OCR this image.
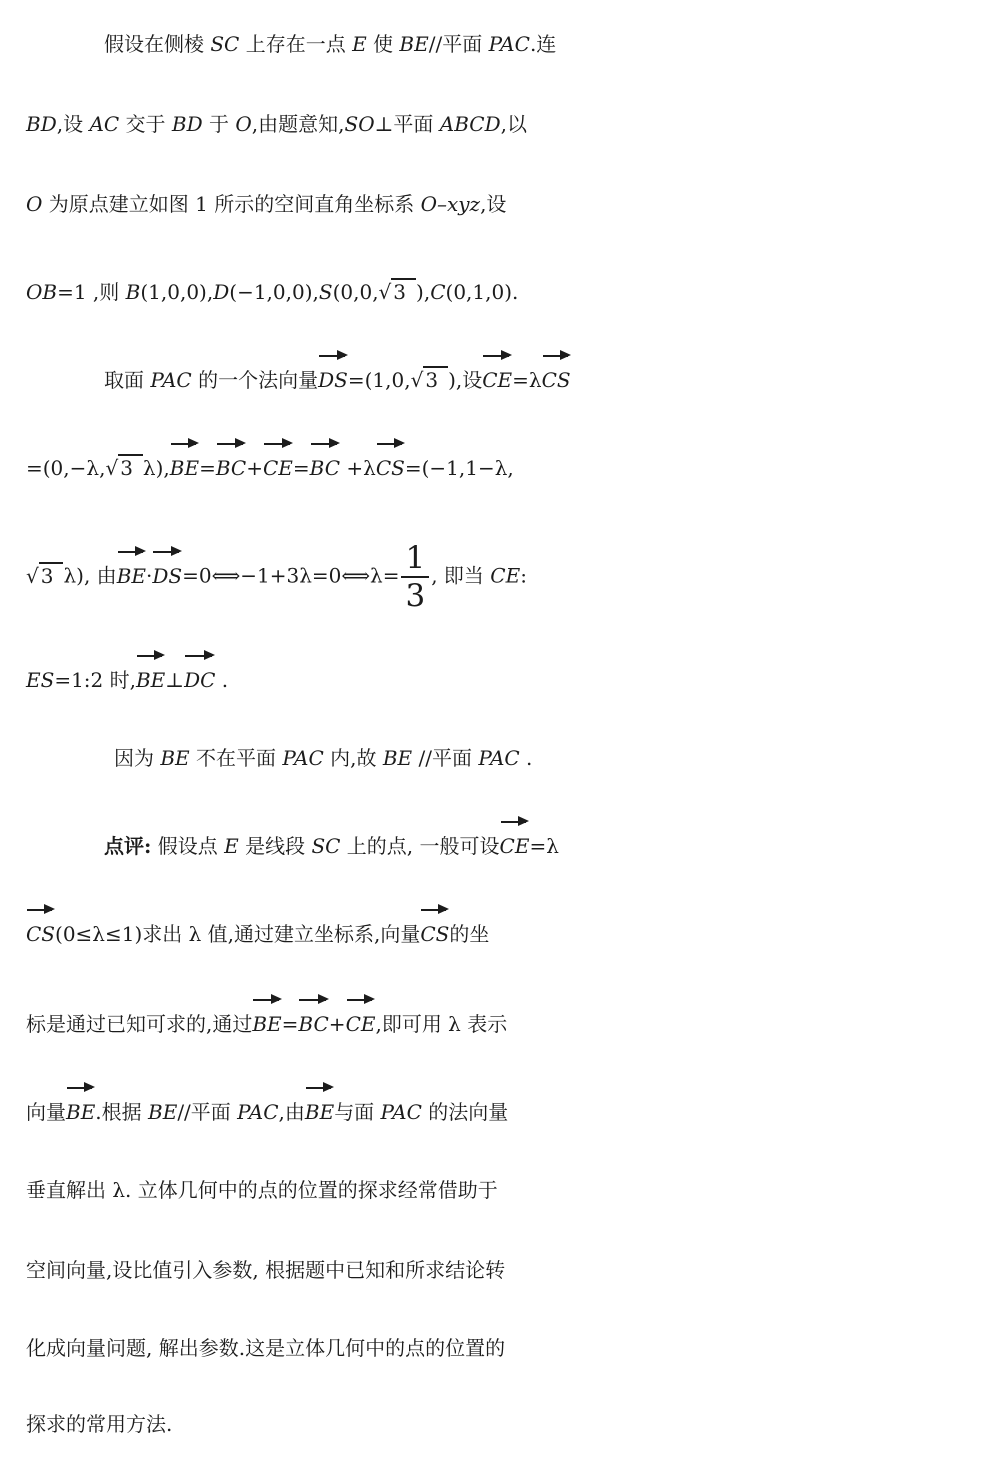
假设在侧棱 SC 上存在一点 E 使 BE//平面 PAC.连
BD,设 AC 交于 BD 于 O,由题意知,SO⊥平面 ABCD,以
O 为原点建立如图 1 所示的空间直角坐标系 O–xyz,设
OB=1 ,则 B(1,0,0),D(−1,0,0),S(0,0,√ 3 ),C(0,1,0).
取面 PAC 的一个法向量DS=(1,0,√ 3 ),设CE=λCS
=(0,−λ,√ 3 λ),BE=BC+CE=BC +λCS=(−1,1−λ,
√ 3 λ), 由BE·DS=0⟺−1+3λ=0⟺λ= $\frac{1}{3}$ , 即当 CE:
ES=1:2 时,BE⊥DC .
因为 BE 不在平面 PAC 内,故 BE //平面 PAC .
点评: 假设点 E 是线段 SC 上的点, 一般可设CE=λ
CS(0≤λ≤1)求出 λ 值,通过建立坐标系,向量CS的坐
标是通过已知可求的,通过BE=BC+CE,即可用 λ 表示
向量BE.根据 BE//平面 PAC,由BE与面 PAC 的法向量
垂直解出 λ. 立体几何中的点的位置的探求经常借助于
空间向量,设比值引入参数, 根据题中已知和所求结论转
化成向量问题, 解出参数.这是立体几何中的点的位置的
探求的常用方法.
